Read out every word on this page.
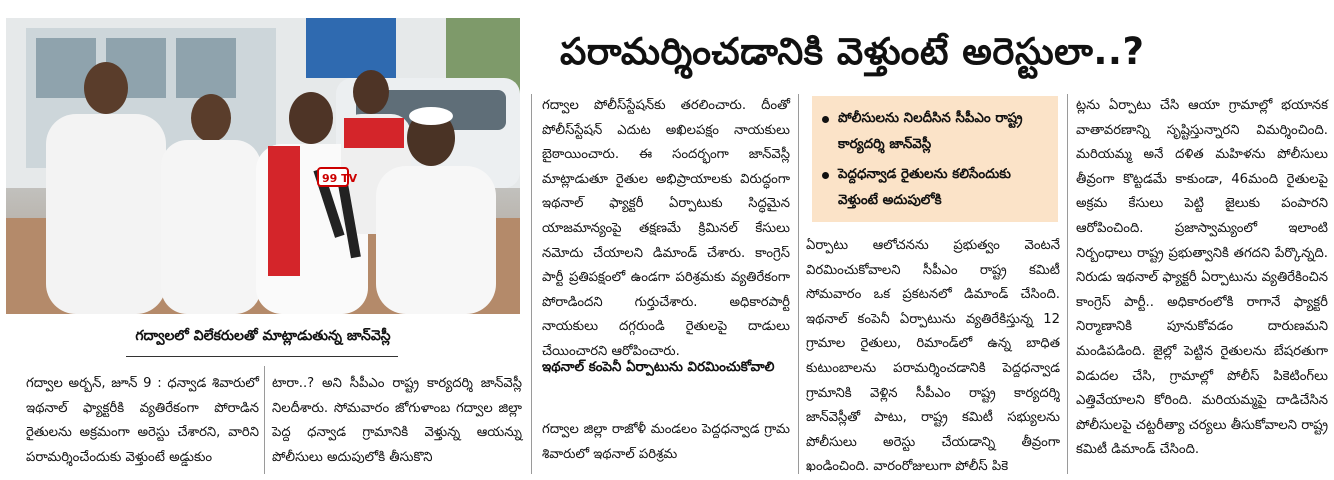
99 TV
గద్వాలలో విలేకరులతో మాట్లాడుతున్న జాన్‌వెస్లీ
పరామర్శించడానికి వెళ్తుంటే అరెస్టులా..?

గద్వాల అర్బన్‌, జూన్‌ 9 : ధన్వాడ శివారులో ఇథనాల్‌ ఫ్యాక్టరీకి వ్యతిరేకంగా పోరాడిన రైతులను అక్రమంగా అరెస్టు చేశారని, వారిని పరామర్శించేందుకు వెళ్తుంటే అడ్డుకుం

టారా..? అని సీపీఎం రాష్ట్ర కార్యదర్శి జాన్‌వెస్లీ నిలదీశారు. సోమవారం జోగుళాంబ గద్వాల జిల్లా పెద్ద ధన్వాడ గ్రామానికి వెళ్తున్న ఆయన్ను పోలీసులు అదుపులోకి తీసుకొని

గద్వాల పోలీస్‌స్టేషన్‌కు తరలించారు. దీంతో పోలీస్‌స్టేషన్‌ ఎదుట అఖిలపక్షం నాయకులు బైఠాయించారు. ఈ సందర్భంగా జాన్‌వెస్లీ మాట్లాడుతూ రైతుల అభిప్రాయాలకు విరుద్ధంగా ఇథనాల్‌ ఫ్యాక్టరీ ఏర్పాటుకు సిద్ధమైన యాజమాన్యంపై తక్షణమే క్రిమినల్‌ కేసులు నమోదు చేయాలని డిమాండ్‌ చేశారు. కాంగ్రెస్‌ పార్టీ ప్రతిపక్షంలో ఉండగా పరిశ్రమకు వ్యతిరేకంగా పోరాడిందని గుర్తుచేశారు. అధికారపార్టీ నాయకులు దగ్గరుండి రైతులపై దాడులు చేయించారని ఆరోపించారు.

ఇథనాల్‌ కంపెనీ ఏర్పాటును విరమించుకోవాలి

గద్వాల జిల్లా రాజోళీ మండలం పెద్దధన్వాడ గ్రామ శివారులో ఇథనాల్‌ పరిశ్రమ

పోలీసులను నిలదీసిన సీపీఎం రాష్ట్ర కార్యదర్శి జాన్‌వెస్లీ
పెద్దధన్వాడ రైతులను కలిసేందుకు వెళ్తుంటే అదుపులోకి

ఏర్పాటు ఆలోచనను ప్రభుత్వం వెంటనే విరమించుకోవాలని సీపీఎం రాష్ట్ర కమిటీ సోమవారం ఒక ప్రకటనలో డిమాండ్‌ చేసింది. ఇథనాల్‌ కంపెనీ ఏర్పాటును వ్యతిరేకిస్తున్న 12 గ్రామాల రైతులు, రిమాండ్‌లో ఉన్న బాధిత కుటుంబాలను పరామర్శించడానికి పెద్దధన్వాడ గ్రామానికి వెళ్లిన సీపీఎం రాష్ట్ర కార్యదర్శి జాన్‌వెస్లీతో పాటు, రాష్ట్ర కమిటీ సభ్యులను పోలీసులు అరెస్టు చేయడాన్ని తీవ్రంగా ఖండించింది. వారంరోజులుగా పోలీస్‌ పికె

ట్లను ఏర్పాటు చేసి ఆయా గ్రామాల్లో భయానక వాతావరణాన్ని సృష్టిస్తున్నారని విమర్శించింది. మరియమ్మ అనే దళిత మహిళను పోలీసులు తీవ్రంగా కొట్టడమే కాకుండా, 46మంది రైతులపై అక్రమ కేసులు పెట్టి జైలుకు పంపారని ఆరోపించింది. ప్రజాస్వామ్యంలో ఇలాంటి నిర్బంధాలు రాష్ట్ర ప్రభుత్వానికి తగదని పేర్కొన్నది. నిరుడు ఇథనాల్‌ ఫ్యాక్టరీ ఏర్పాటును వ్యతిరేకించిన కాంగ్రెస్‌ పార్టీ.. అధికారంలోకి రాగానే ఫ్యాక్టరీ నిర్మాణానికి పూనుకోవడం దారుణమని మండిపడింది. జైల్లో పెట్టిన రైతులను బేషరతుగా విడుదల చేసి, గ్రామాల్లో పోలీస్‌ పికెటింగ్‌లు ఎత్తివేయాలని కోరింది. మరియమ్మపై దాడిచేసిన పోలీసులపై చట్టరీత్యా చర్యలు తీసుకోవాలని రాష్ట్ర కమిటీ డిమాండ్‌ చేసింది.
